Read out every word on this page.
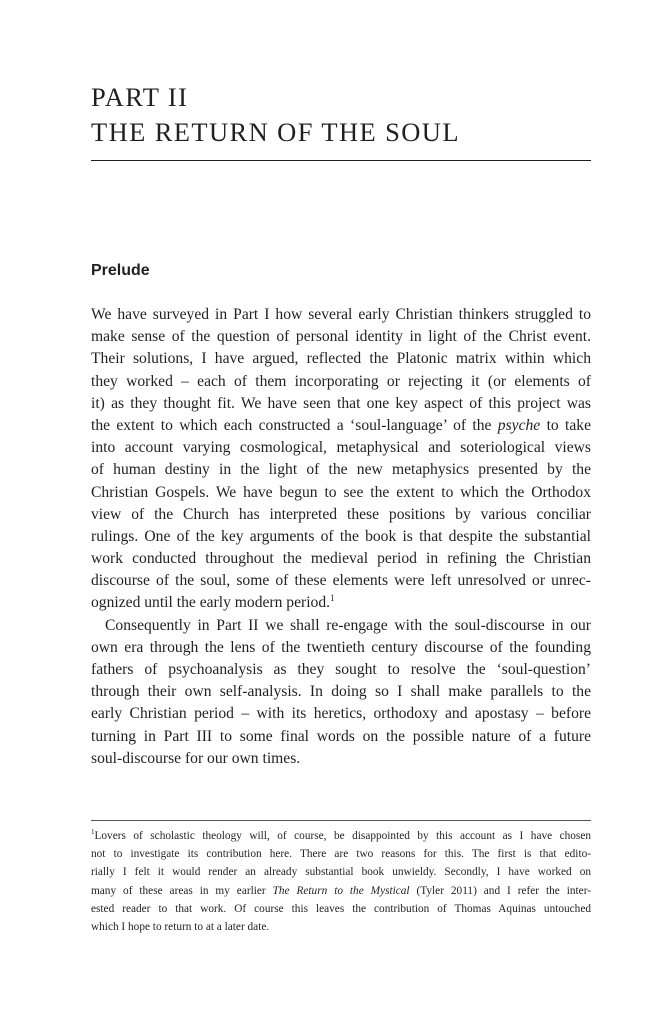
PART II
THE RETURN OF THE SOUL
Prelude
We have surveyed in Part I how several early Christian thinkers struggled to
make sense of the question of personal identity in light of the Christ event.
Their solutions, I have argued, reflected the Platonic matrix within which
they worked – each of them incorporating or rejecting it (or elements of
it) as they thought fit. We have seen that one key aspect of this project was
the extent to which each constructed a ‘soul-language’ of the psyche to take
into account varying cosmological, metaphysical and soteriological views
of human destiny in the light of the new metaphysics presented by the
Christian Gospels. We have begun to see the extent to which the Orthodox
view of the Church has interpreted these positions by various conciliar
rulings. One of the key arguments of the book is that despite the substantial
work conducted throughout the medieval period in refining the Christian
discourse of the soul, some of these elements were left unresolved or unrec-
ognized until the early modern period.$^1$
Consequently in Part II we shall re-engage with the soul-discourse in our
own era through the lens of the twentieth century discourse of the founding
fathers of psychoanalysis as they sought to resolve the ‘soul-question’
through their own self-analysis. In doing so I shall make parallels to the
early Christian period – with its heretics, orthodoxy and apostasy – before
turning in Part III to some final words on the possible nature of a future
soul-discourse for our own times.
$^1$Lovers of scholastic theology will, of course, be disappointed by this account as I have chosen
not to investigate its contribution here. There are two reasons for this. The first is that edito-
rially I felt it would render an already substantial book unwieldy. Secondly, I have worked on
many of these areas in my earlier The Return to the Mystical (Tyler 2011) and I refer the inter-
ested reader to that work. Of course this leaves the contribution of Thomas Aquinas untouched
which I hope to return to at a later date.
